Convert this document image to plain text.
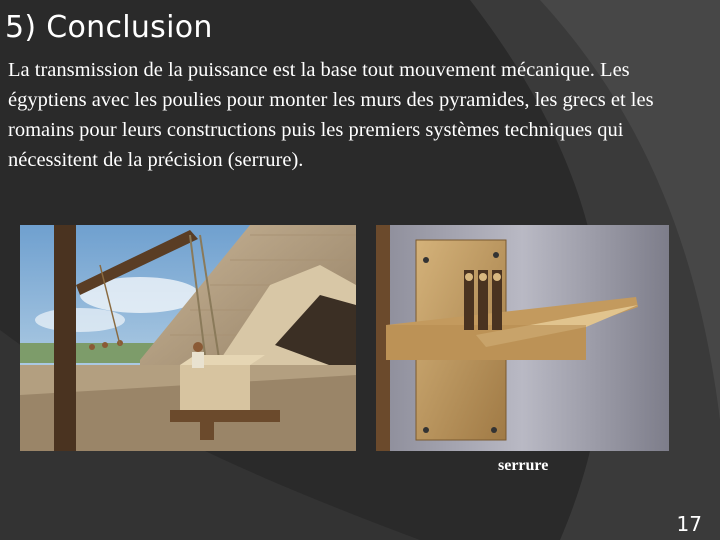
5) Conclusion

La transmission de la puissance est la base tout mouvement mécanique. Les égyptiens avec les poulies pour monter les murs des pyramides, les grecs et les romains pour leurs constructions puis les premiers systèmes techniques qui nécessitent de la précision (serrure).

serrure

17
